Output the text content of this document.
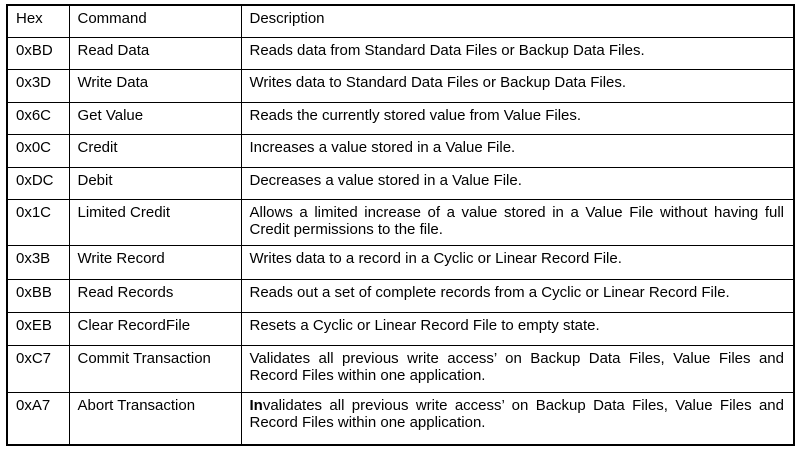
Hex	Command	Description
0xBD	Read Data	Reads data from Standard Data Files or Backup Data Files.
0x3D	Write Data	Writes data to Standard Data Files or Backup Data Files.
0x6C	Get Value	Reads the currently stored value from Value Files.
0x0C	Credit	Increases a value stored in a Value File.
0xDC	Debit	Decreases a value stored in a Value File.
0x1C	Limited Credit	Allows a limited increase of a value stored in a Value File without having full Credit permissions to the file.
0x3B	Write Record	Writes data to a record in a Cyclic or Linear Record File.
0xBB	Read Records	Reads out a set of complete records from a Cyclic or Linear Record File.
0xEB	Clear RecordFile	Resets a Cyclic or Linear Record File to empty state.
0xC7	Commit Transaction	Validates all previous write access’ on Backup Data Files, Value Files and Record Files within one application.
0xA7	Abort Transaction	Invalidates all previous write access’ on Backup Data Files, Value Files and Record Files within one application.
